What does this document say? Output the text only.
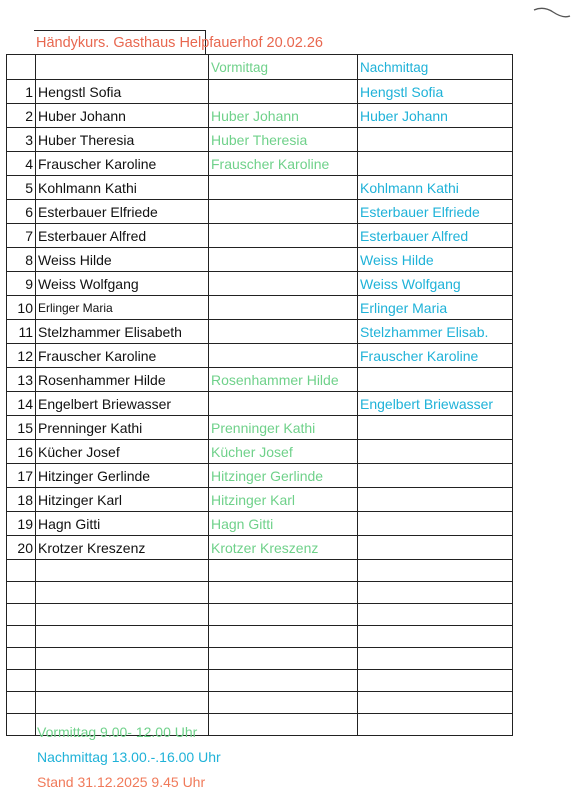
Händykurs. Gasthaus Helpfauerhof 20.02.26
		Vormittag	Nachmittag
1	Hengstl Sofia		Hengstl Sofia
2	Huber Johann	Huber Johann	Huber Johann
3	Huber Theresia	Huber Theresia	
4	Frauscher Karoline	Frauscher Karoline	
5	Kohlmann Kathi		Kohlmann Kathi
6	Esterbauer Elfriede		Esterbauer Elfriede
7	Esterbauer Alfred		Esterbauer Alfred
8	Weiss Hilde		Weiss Hilde
9	Weiss Wolfgang		Weiss Wolfgang
10	Erlinger Maria		Erlinger Maria
11	Stelzhammer Elisabeth		Stelzhammer Elisab.
12	Frauscher Karoline		Frauscher Karoline
13	Rosenhammer Hilde	Rosenhammer Hilde	
14	Engelbert Briewasser		Engelbert Briewasser
15	Prenninger Kathi	Prenninger Kathi	
16	Kücher Josef	Kücher Josef	
17	Hitzinger Gerlinde	Hitzinger Gerlinde	
18	Hitzinger Karl	Hitzinger Karl	
19	Hagn Gitti	Hagn Gitti	
20	Krotzer Kreszenz	Krotzer Kreszenz	

Vormittag 9.00- 12.00 Uhr
Nachmittag 13.00.-.16.00 Uhr
Stand 31.12.2025 9.45 Uhr
